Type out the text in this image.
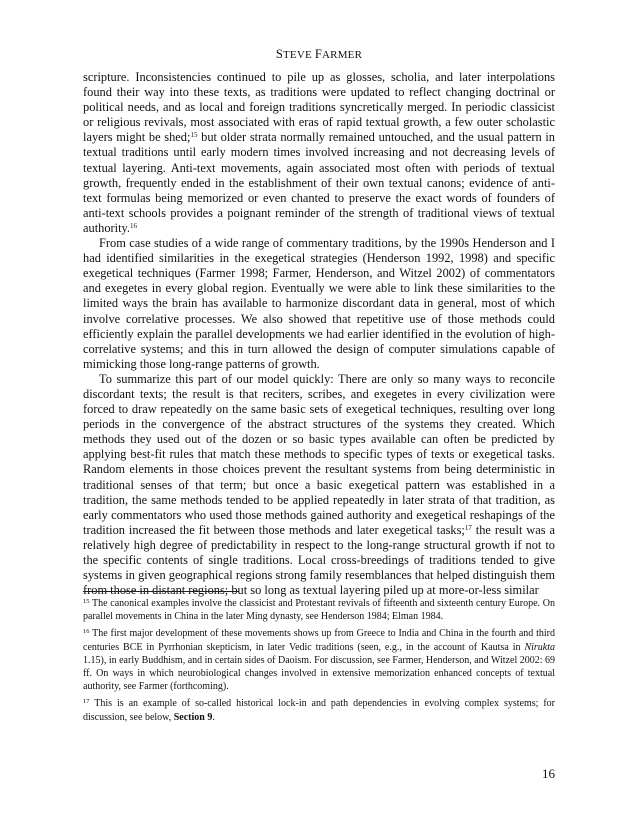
STEVE FARMER

scripture. Inconsistencies continued to pile up as glosses, scholia, and later interpolations found their way into these texts, as traditions were updated to reflect changing doctrinal or political needs, and as local and foreign traditions syncretically merged. In periodic classicist or religious revivals, most associated with eras of rapid textual growth, a few outer scholastic layers might be shed;$^{15}$ but older strata normally remained untouched, and the usual pattern in textual traditions until early modern times involved increasing and not decreasing levels of textual layering. Anti-text movements, again associated most often with periods of textual growth, frequently ended in the establishment of their own textual canons; evidence of anti-text formulas being memorized or even chanted to preserve the exact words of founders of anti-text schools provides a poignant reminder of the strength of traditional views of textual authority.$^{16}$

From case studies of a wide range of commentary traditions, by the 1990s Henderson and I had identified similarities in the exegetical strategies (Henderson 1992, 1998) and specific exegetical techniques (Farmer 1998; Farmer, Henderson, and Witzel 2002) of commentators and exegetes in every global region. Eventually we were able to link these similarities to the limited ways the brain has available to harmonize discordant data in general, most of which involve correlative processes. We also showed that repetitive use of those methods could efficiently explain the parallel developments we had earlier identified in the evolution of high-correlative systems; and this in turn allowed the design of computer simulations capable of mimicking those long-range patterns of growth.

To summarize this part of our model quickly: There are only so many ways to reconcile discordant texts; the result is that reciters, scribes, and exegetes in every civilization were forced to draw repeatedly on the same basic sets of exegetical techniques, resulting over long periods in the convergence of the abstract structures of the systems they created. Which methods they used out of the dozen or so basic types available can often be predicted by applying best-fit rules that match these methods to specific types of texts or exegetical tasks. Random elements in those choices prevent the resultant systems from being deterministic in traditional senses of that term; but once a basic exegetical pattern was established in a tradition, the same methods tended to be applied repeatedly in later strata of that tradition, as early commentators who used those methods gained authority and exegetical reshapings of the tradition increased the fit between those methods and later exegetical tasks;$^{17}$ the result was a relatively high degree of predictability in respect to the long-range structural growth if not to the specific contents of single traditions. Local cross-breedings of traditions tended to give systems in given geographical regions strong family resemblances that helped distinguish them from those in distant regions; but so long as textual layering piled up at more-or-less similar

$^{15}$ The canonical examples involve the classicist and Protestant revivals of fifteenth and sixteenth century Europe. On parallel movements in China in the later Ming dynasty, see Henderson 1984; Elman 1984.

$^{16}$ The first major development of these movements shows up from Greece to India and China in the fourth and third centuries BCE in Pyrrhonian skepticism, in later Vedic traditions (seen, e.g., in the account of Kautsa in Nirukta 1.15), in early Buddhism, and in certain sides of Daoism. For discussion, see Farmer, Henderson, and Witzel 2002: 69 ff. On ways in which neurobiological changes involved in extensive memorization enhanced concepts of textual authority, see Farmer (forthcoming).

$^{17}$ This is an example of so-called historical lock-in and path dependencies in evolving complex systems; for discussion, see below, Section 9.

16
